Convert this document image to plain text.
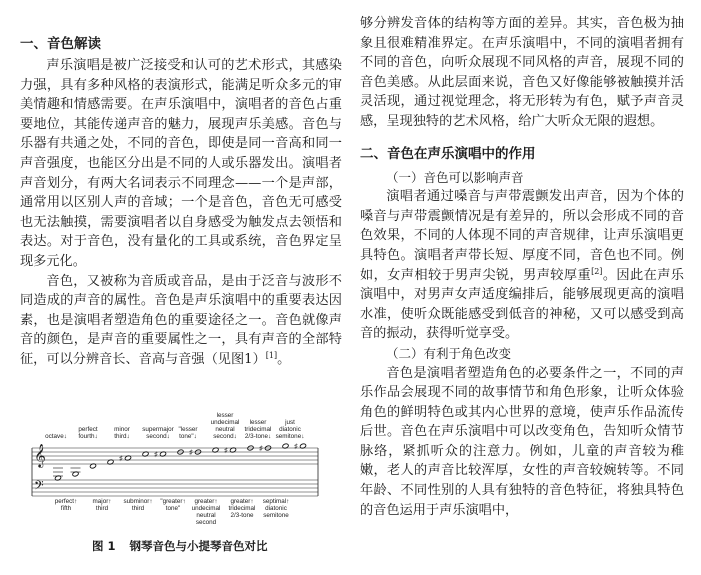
一、音色解读

声乐演唱是被广泛接受和认可的艺术形式，其感染力强，具有多种风格的表演形式，能满足听众多元的审美情趣和情感需要。在声乐演唱中，演唱者的音色占重要地位，其能传递声音的魅力，展现声乐美感。音色与乐器有共通之处，不同的音色，即使是同一音高和同一声音强度，也能区分出是不同的人或乐器发出。演唱者声音划分，有两大名词表示不同理念——一个是声部，通常用以区别人声的音域；一个是音色，音色无可感受也无法触摸，需要演唱者以自身感受为触发点去领悟和表达。对于音色，没有量化的工具或系统，音色界定呈现多元化。

音色，又被称为音质或音品，是由于泛音与波形不同造成的声音的属性。音色是声乐演唱中的重要表达因素，也是演唱者塑造角色的重要途径之一。音色就像声音的颜色，是声音的重要属性之一，具有声音的全部特征，可以分辨音长、音高与音强（见图1）[1]。

𝄞
𝄢
♯
♯	♯	♯	♯	♯
octave↓
perfect
fourth↓
minor
third↓
supermajor
second↓
"lesser
tone"↓
lesser
undecimal
neutral
second↓
lesser
tridecimal
2/3-tone↓
just
diatonic
semitone↓
perfect↑
fifth
major↑
third
subminor↑
third
"greater↑
tone"
greater↑
undecimal
neutral
second
greater↑
tridecimal
2/3-tone
septimal↑
diatonic
semitone
图 1 钢琴音色与小提琴音色对比

够分辨发音体的结构等方面的差异。其实，音色极为抽象且很难精准界定。在声乐演唱中，不同的演唱者拥有不同的音色，向听众展现不同风格的声音，展现不同的音色美感。从此层面来说，音色又好像能够被触摸并活灵活现，通过视觉理念，将无形转为有色，赋予声音灵感，呈现独特的艺术风格，给广大听众无限的遐想。

二、音色在声乐演唱中的作用

（一）音色可以影响声音

演唱者通过嗓音与声带震颤发出声音，因为个体的嗓音与声带震颤情况是有差异的，所以会形成不同的音色效果，不同的人体现不同的声音规律，让声乐演唱更具特色。演唱者声带长短、厚度不同，音色也不同。例如，女声相较于男声尖锐，男声较厚重[2]。因此在声乐演唱中，对男声女声适度编排后，能够展现更高的演唱水准，使听众既能感受到低音的神秘，又可以感受到高音的振动，获得听觉享受。

（二）有利于角色改变

音色是演唱者塑造角色的必要条件之一，不同的声乐作品会展现不同的故事情节和角色形象，让听众体验角色的鲜明特色或其内心世界的意境，使声乐作品流传后世。音色在声乐演唱中可以改变角色，告知听众情节脉络，紧抓听众的注意力。例如，儿童的声音较为稚嫩，老人的声音比较浑厚，女性的声音较婉转等。不同年龄、不同性别的人具有独特的音色特征，将独具特色的音色运用于声乐演唱中，
